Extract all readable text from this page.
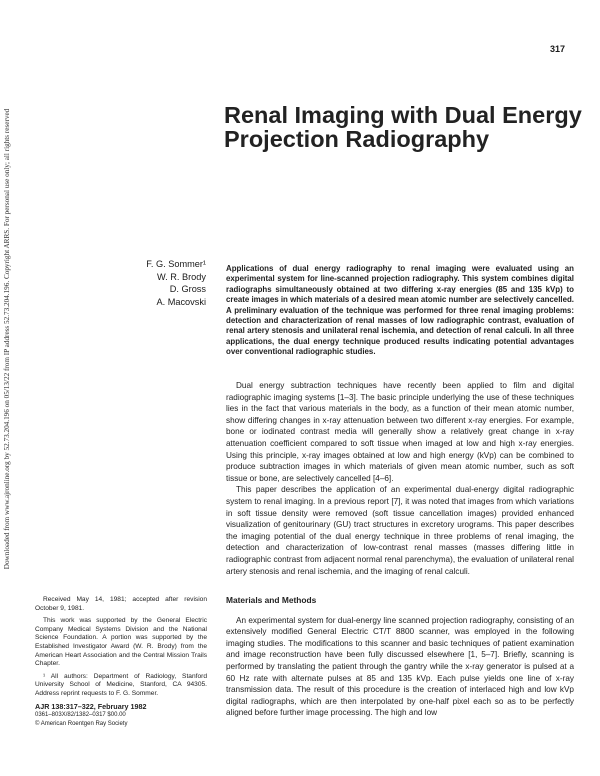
Downloaded from www.ajronline.org by 52.73.204.196 on 05/13/22 from IP address 52.73.204.196. Copyright ARRS. For personal use only; all rights reserved
317
Renal Imaging with Dual Energy Projection Radiography
F. G. Sommer¹
W. R. Brody
D. Gross
A. Macovski
Applications of dual energy radiography to renal imaging were evaluated using an experimental system for line-scanned projection radiography. This system combines digital radiographs simultaneously obtained at two differing x-ray energies (85 and 135 kVp) to create images in which materials of a desired mean atomic number are selectively cancelled. A preliminary evaluation of the technique was performed for three renal imaging problems: detection and characterization of renal masses of low radiographic contrast, evaluation of renal artery stenosis and unilateral renal ischemia, and detection of renal calculi. In all three applications, the dual energy technique produced results indicating potential advantages over conventional radiographic studies.

Dual energy subtraction techniques have recently been applied to film and digital radiographic imaging systems [1–3]. The basic principle underlying the use of these techniques lies in the fact that various materials in the body, as a function of their mean atomic number, show differing changes in x-ray attenuation between two different x-ray energies. For example, bone or iodinated contrast media will generally show a relatively great change in x-ray attenuation coefficient compared to soft tissue when imaged at low and high x-ray energies. Using this principle, x-ray images obtained at low and high energy (kVp) can be combined to produce subtraction images in which materials of given mean atomic number, such as soft tissue or bone, are selectively cancelled [4–6].

This paper describes the application of an experimental dual-energy digital radiographic system to renal imaging. In a previous report [7], it was noted that images from which variations in soft tissue density were removed (soft tissue cancellation images) provided enhanced visualization of genitourinary (GU) tract structures in excretory urograms. This paper describes the imaging potential of the dual energy technique in three problems of renal imaging, the detection and characterization of low-contrast renal masses (masses differing little in radiographic contrast from adjacent normal renal parenchyma), the evaluation of unilateral renal artery stenosis and renal ischemia, and the imaging of renal calculi.

Materials and Methods

An experimental system for dual-energy line scanned projection radiography, consisting of an extensively modified General Electric CT/T 8800 scanner, was employed in the following imaging studies. The modifications to this scanner and basic techniques of patient examination and image reconstruction have been fully discussed elsewhere [1, 5–7]. Briefly, scanning is performed by translating the patient through the gantry while the x-ray generator is pulsed at a 60 Hz rate with alternate pulses at 85 and 135 kVp. Each pulse yields one line of x-ray transmission data. The result of this procedure is the creation of interlaced high and low kVp digital radiographs, which are then interpolated by one-half pixel each so as to be perfectly aligned before further image processing. The high and low

Received May 14, 1981; accepted after revision October 9, 1981.

This work was supported by the General Electric Company Medical Systems Division and the National Science Foundation. A portion was supported by the Established Investigator Award (W. R. Brody) from the American Heart Association and the Central Mission Trails Chapter.

¹ All authors: Department of Radiology, Stanford University School of Medicine, Stanford, CA 94305. Address reprint requests to F. G. Sommer.

AJR 138:317–322, February 1982

0361–803X/82/1382–0317 $00.00

© American Roentgen Ray Society
